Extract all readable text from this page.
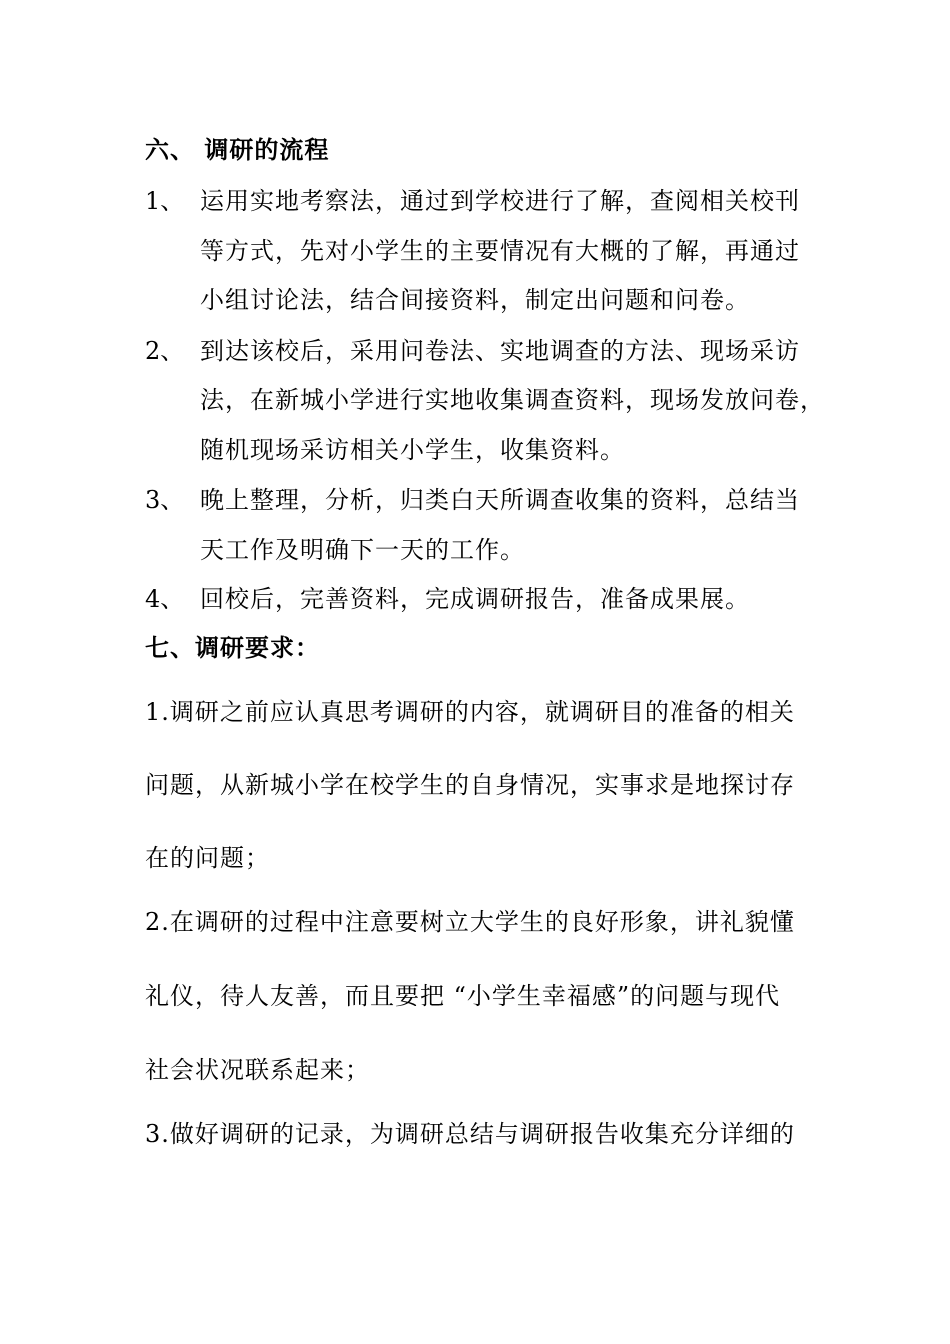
六、 调研的流程
1、 运用实地考察法，通过到学校进行了解，查阅相关校刊
等方式，先对小学生的主要情况有大概的了解，再通过
小组讨论法，结合间接资料，制定出问题和问卷。
2、 到达该校后，采用问卷法、实地调查的方法、现场采访
法，在新城小学进行实地收集调查资料，现场发放问卷，
随机现场采访相关小学生，收集资料。
3、 晚上整理，分析，归类白天所调查收集的资料，总结当
天工作及明确下一天的工作。
4、 回校后，完善资料，完成调研报告，准备成果展。
七、调研要求：
1.调研之前应认真思考调研的内容，就调研目的准备的相关
问题，从新城小学在校学生的自身情况，实事求是地探讨存
在的问题；
2.在调研的过程中注意要树立大学生的良好形象，讲礼貌懂
礼仪，待人友善，而且要把 “小学生幸福感”的问题与现代
社会状况联系起来；
3.做好调研的记录，为调研总结与调研报告收集充分详细的
